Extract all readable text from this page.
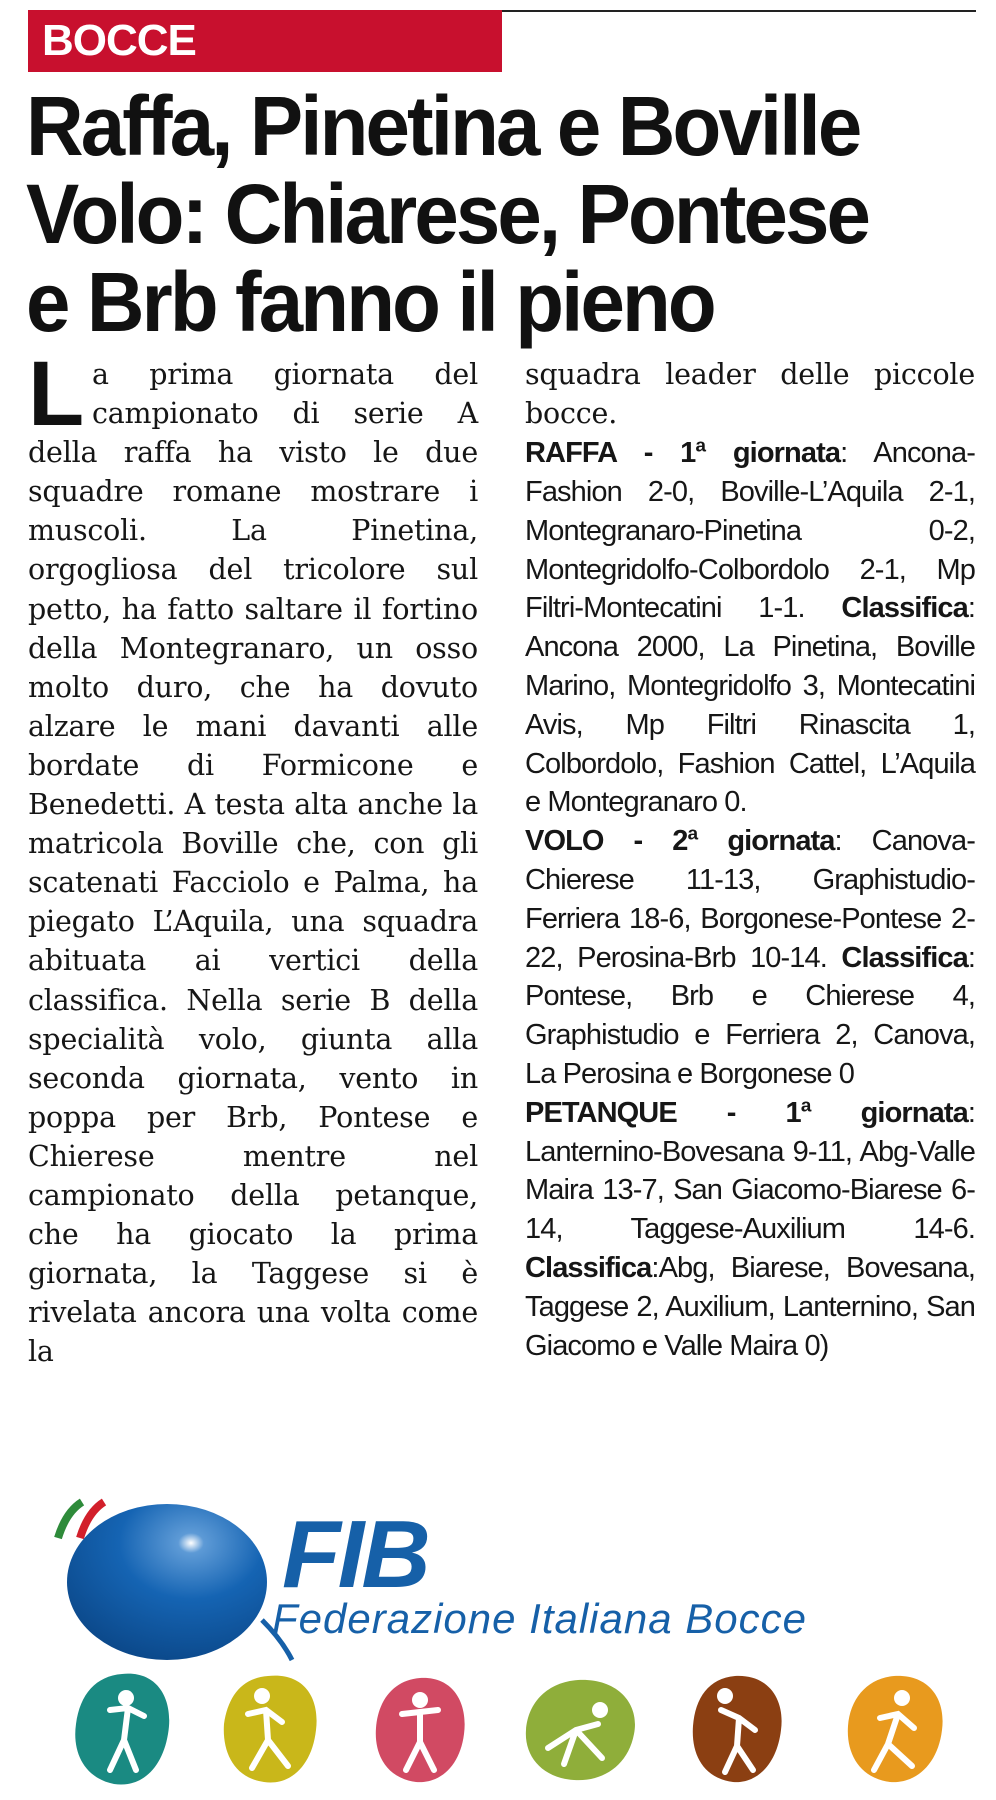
BOCCE
Raffa, Pinetina e Boville
Volo: Chiarese, Pontese
e Brb fanno il pieno
La prima giornata del campionato di serie A della raffa ha visto le due squadre romane mostrare i muscoli. La Pinetina, orgogliosa del tricolore sul petto, ha fatto saltare il fortino della Montegranaro, un osso molto duro, che ha dovuto alzare le mani davanti alle bordate di Formicone e Benedetti. A testa alta anche la matricola Boville che, con gli scatenati Facciolo e Palma, ha piegato L’Aquila, una squadra abituata ai vertici della classifica. Nella serie B della specialità volo, giunta alla seconda giornata, vento in poppa per Brb, Pontese e Chierese mentre nel campionato della petanque, che ha giocato la prima giornata, la Taggese si è rivelata ancora una volta come la
squadra leader delle piccole bocce.

RAFFA - 1ª giornata: Ancona-Fashion 2-0, Boville-L’Aquila 2-1, Montegranaro-Pinetina 0-2, Montegridolfo-Colbordolo 2-1, Mp Filtri-Montecatini 1-1. Classifica: Ancona 2000, La Pinetina, Boville Marino, Montegridolfo 3, Montecatini Avis, Mp Filtri Rinascita 1, Colbordolo, Fashion Cattel, L’Aquila e Montegranaro 0.

VOLO - 2ª giornata: Canova-Chierese 11-13, Graphistudio-Ferriera 18-6, Borgonese-Pontese 2-22, Perosina-Brb 10-14. Classifica: Pontese, Brb e Chierese 4, Graphistudio e Ferriera 2, Canova, La Perosina e Borgonese 0

PETANQUE - 1ª giornata: Lanternino-Bovesana 9-11, Abg-Valle Maira 13-7, San Giacomo-Biarese 6-14, Taggese-Auxilium 14-6. Classifica:Abg, Biarese, Bovesana, Taggese 2, Auxilium, Lanternino, San Giacomo e Valle Maira 0)

FIB
Federazione Italiana Bocce
